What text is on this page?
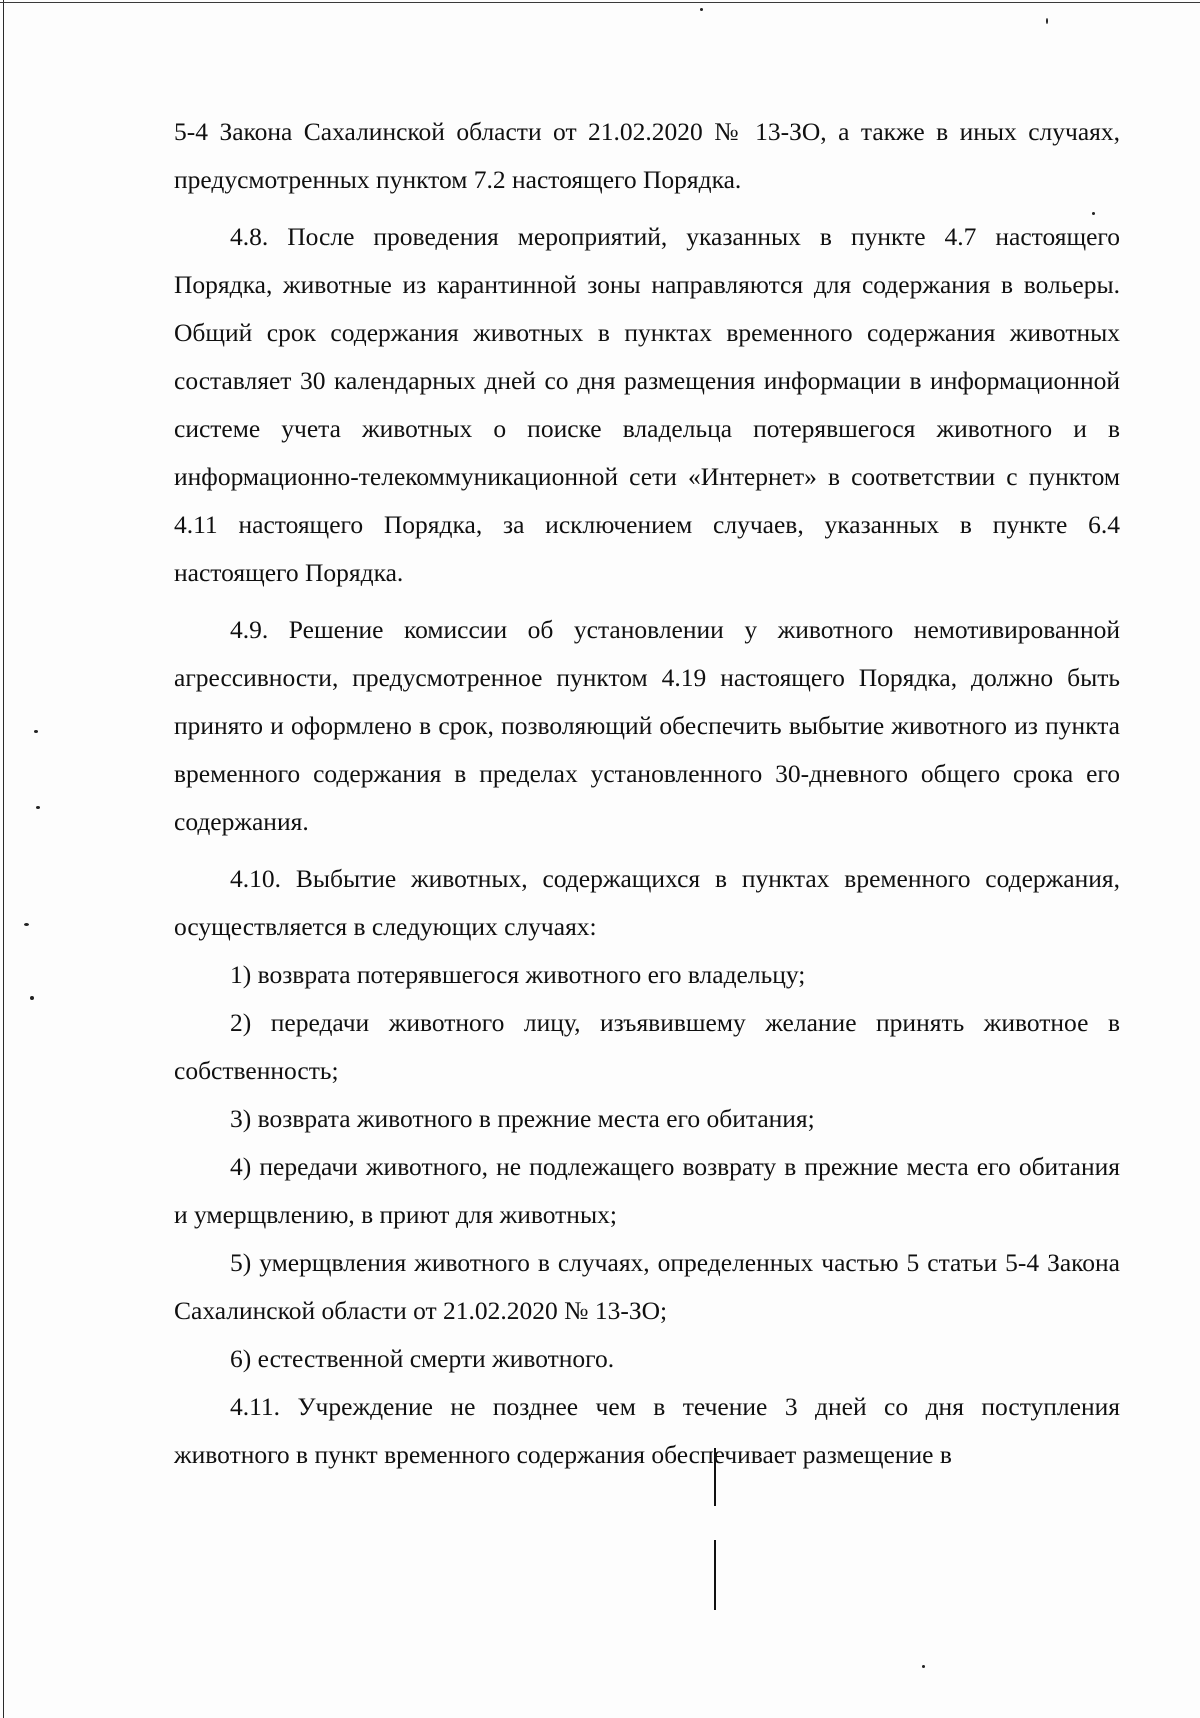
5-4 Закона Сахалинской области от 21.02.2020 № 13-ЗО, а также в иных случаях, предусмотренных пунктом 7.2 настоящего Порядка.

4.8. После проведения мероприятий, указанных в пункте 4.7 настоящего Порядка, животные из карантинной зоны направляются для содержания в вольеры. Общий срок содержания животных в пунктах временного содержания животных составляет 30 календарных дней со дня размещения информации в информационной системе учета животных о поиске владельца потерявшегося животного и в информационно-телекоммуникационной сети «Интернет» в соответствии с пунктом 4.11 настоящего Порядка, за исключением случаев, указанных в пункте 6.4 настоящего Порядка.

4.9. Решение комиссии об установлении у животного немотивированной агрессивности, предусмотренное пунктом 4.19 настоящего Порядка, должно быть принято и оформлено в срок, позволяющий обеспечить выбытие животного из пункта временного содержания в пределах установленного 30-дневного общего срока его содержания.

4.10. Выбытие животных, содержащихся в пунктах временного содержания, осуществляется в следующих случаях:

1) возврата потерявшегося животного его владельцу;

2) передачи животного лицу, изъявившему желание принять животное в собственность;

3) возврата животного в прежние места его обитания;

4) передачи животного, не подлежащего возврату в прежние места его обитания и умерщвлению, в приют для животных;

5) умерщвления животного в случаях, определенных частью 5 статьи 5-4 Закона Сахалинской области от 21.02.2020 № 13-ЗО;

6) естественной смерти животного.

4.11. Учреждение не позднее чем в течение 3 дней со дня поступления животного в пункт временного содержания обеспечивает размещение в
